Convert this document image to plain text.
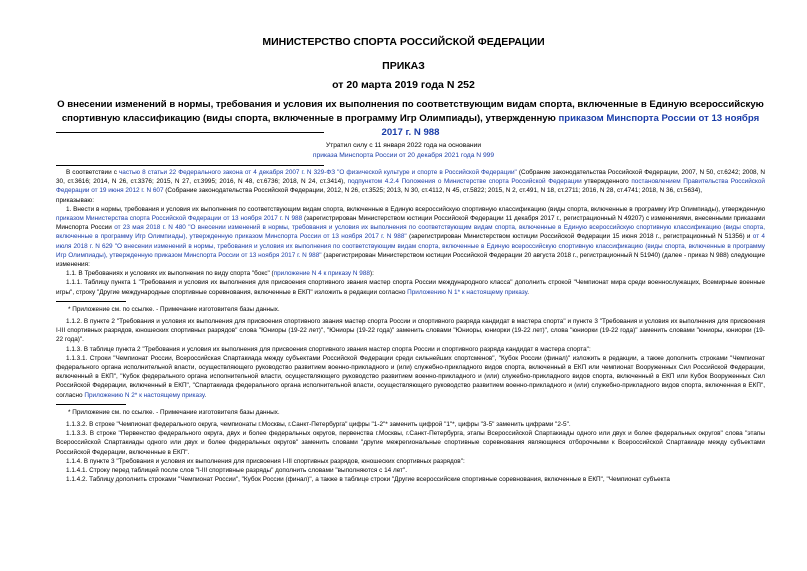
МИНИСТЕРСТВО СПОРТА РОССИЙСКОЙ ФЕДЕРАЦИИ
ПРИКАЗ
от 20 марта 2019 года N 252
О внесении изменений в нормы, требования и условия их выполнения по соответствующим видам спорта, включенные в Единую всероссийскую спортивную классификацию (виды спорта, включенные в программу Игр Олимпиады), утвержденную приказом Минспорта России от 13 ноября 2017 г. N 988
Утратил силу с 11 января 2022 года на основании
приказа Минспорта России от 20 декабря 2021 года N 999

В соответствии с частью 8 статьи 22 Федерального закона от 4 декабря 2007 г. N 329-ФЗ "О физической культуре и спорте в Российской Федерации" (Собрание законодательства Российской Федерации, 2007, N 50, ст.6242; 2008, N 30, ст.3616; 2014, N 26, ст.3376; 2015, N 27, ст.3995; 2016, N 48, ст.6736; 2018, N 24, ст.3414), подпунктом 4.2.4 Положения о Министерстве спорта Российской Федерации утвержденного постановлением Правительства Российской Федерации от 19 июня 2012 г. N 607 (Собрание законодательства Российской Федерации, 2012, N 26, ст.3525; 2013, N 30, ст.4112, N 45, ст.5822; 2015, N 2, ст.491, N 18, ст.2711; 2016, N 28, ст.4741; 2018, N 36, ст.5634),

приказываю:

1. Внести в нормы, требования и условия их выполнения по соответствующим видам спорта, включенные в Единую всероссийскую спортивную классификацию (виды спорта, включенные в программу Игр Олимпиады), утвержденную приказом Министерства спорта Российской Федерации от 13 ноября 2017 г. N 988 (зарегистрирован Министерством юстиции Российской Федерации 11 декабря 2017 г., регистрационный N 49207) с изменениями, внесенными приказами Минспорта России от 23 мая 2018 г. N 480 "О внесении изменений в нормы, требования и условия их выполнения по соответствующим видам спорта, включенные в Единую всероссийскую спортивную классификацию (виды спорта, включенные в программу Игр Олимпиады), утвержденную приказом Минспорта России от 13 ноября 2017 г. N 988" (зарегистрирован Министерством юстиции Российской Федерации 15 июня 2018 г., регистрационный N 51356) и от 4 июля 2018 г. N 629 "О внесении изменений в нормы, требования и условия их выполнения по соответствующим видам спорта, включенные в Единую всероссийскую спортивную классификацию (виды спорта, включенные в программу Игр Олимпиады), утвержденную приказом Минспорта России от 13 ноября 2017 г. N 988" (зарегистрирован Министерством юстиции Российской Федерации 20 августа 2018 г., регистрационный N 51940) (далее - приказ N 988) следующие изменения:

1.1. В Требованиях и условиях их выполнения по виду спорта "бокс" (приложение N 4 к приказу N 988):

1.1.1. Таблицу пункта 1 "Требования и условия их выполнения для присвоения спортивного звания мастер спорта России международного класса" дополнить строкой "Чемпионат мира среди военнослужащих, Всемирные военные игры", строку "Другие международные спортивные соревнования, включенные в ЕКП" изложить в редакции согласно Приложению N 1* к настоящему приказу.

* Приложение см. по ссылке. - Примечание изготовителя базы данных.

1.1.2. В пункте 2 "Требования и условия их выполнения для присвоения спортивного звания мастер спорта России и спортивного разряда кандидат в мастера спорта" и пункте 3 "Требования и условия их выполнения для присвоения I-III спортивных разрядов, юношеских спортивных разрядов" слова "Юниоры (19-22 лет)", "Юниоры (19-22 года)" заменить словами "Юниоры, юниорки (19-22 лет)", слова "юниорки (19-22 года)" заменить словами "юниоры, юниорки (19-22 года)".

1.1.3. В таблице пункта 2 "Требования и условия их выполнения для присвоения спортивного звания мастер спорта России и спортивного разряда кандидат в мастера спорта":

1.1.3.1. Строки "Чемпионат России, Всероссийская Спартакиада между субъектами Российской Федерации среди сильнейших спортсменов", "Кубок России (финал)" изложить в редакции, а также дополнить строками "Чемпионат федерального органа исполнительной власти, осуществляющего руководство развитием военно-прикладного и (или) служебно-прикладного видов спорта, включенный в ЕКП или чемпионат Вооруженных Сил Российской Федерации, включенный в ЕКП", "Кубок федерального органа исполнительной власти, осуществляющего руководство развитием военно-прикладного и (или) служебно-прикладного видов спорта, включенный в ЕКП или Кубок Вооруженных Сил Российской Федерации, включенный в ЕКП", "Спартакиада федерального органа исполнительной власти, осуществляющего руководство развитием военно-прикладного и (или) служебно-прикладного видов спорта, включенная в ЕКП", согласно Приложению N 2* к настоящему приказу.

* Приложение см. по ссылке. - Примечание изготовителя базы данных.

1.1.3.2. В строке "Чемпионат федерального округа, чемпионаты г.Москвы, г.Санкт-Петербурга" цифры "1-2"* заменить цифрой "1"*, цифры "3-5" заменить цифрами "2-5".

1.1.3.3. В строке "Первенство федерального округа, двух и более федеральных округов, первенства г.Москвы, г.Санкт-Петербурга, этапы Всероссийской Спартакиады одного или двух и более федеральных округов" слова "этапы Всероссийской Спартакиады одного или двух и более федеральных округов" заменить словами "другие межрегиональные спортивные соревнования являющиеся отборочными к Всероссийской Спартакиаде между субъектами Российской Федерации, включенные в ЕКП".

1.1.4. В пункте 3 "Требования и условия их выполнения для присвоения I-III спортивных разрядов, юношеских спортивных разрядов":

1.1.4.1. Строку перед таблицей после слов "I-III спортивные разряды" дополнить словами "выполняются с 14 лет".

1.1.4.2. Таблицу дополнить строками "Чемпионат России", "Кубок России (финал)", а также в таблице строки "Другие всероссийские спортивные соревнования, включенные в ЕКП", "Чемпионат субъекта
